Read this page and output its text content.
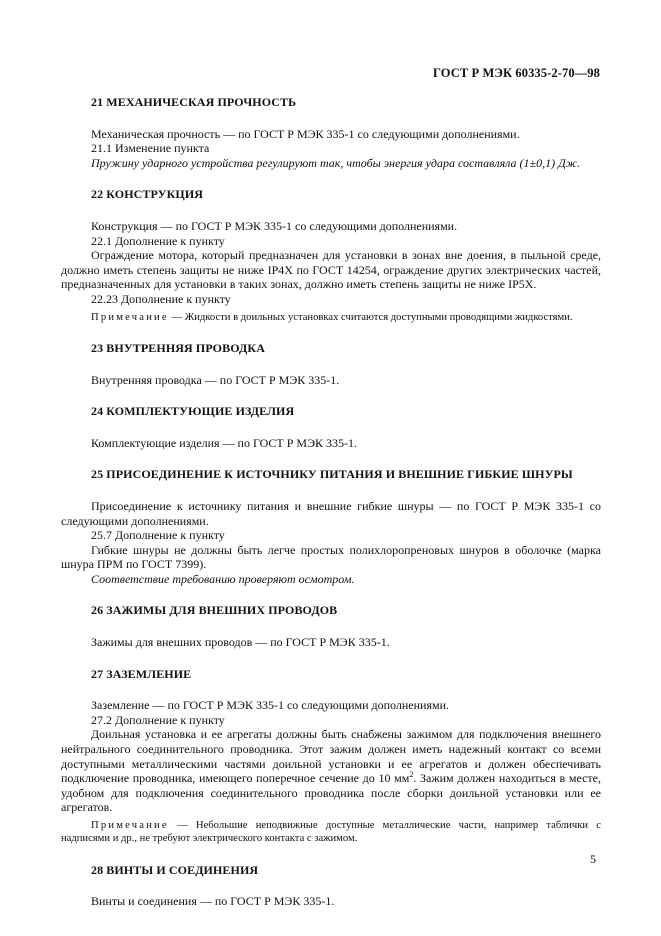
ГОСТ Р МЭК 60335-2-70—98
21 МЕХАНИЧЕСКАЯ ПРОЧНОСТЬ

Механическая прочность — по ГОСТ Р МЭК 335-1 со следующими дополнениями.

21.1 Изменение пункта

Пружину ударного устройства регулируют так, чтобы энергия удара составляла (1±0,1) Дж.

22 КОНСТРУКЦИЯ

Конструкция — по ГОСТ Р МЭК 335-1 со следующими дополнениями.

22.1 Дополнение к пункту

Ограждение мотора, который предназначен для установки в зонах вне доения, в пыльной среде, должно иметь степень защиты не ниже IP4X по ГОСТ 14254, ограждение других электрических частей, предназначенных для установки в таких зонах, должно иметь степень защиты не ниже IP5X.

22.23 Дополнение к пункту

Примечание — Жидкости в доильных установках считаются доступными проводящими жидкостями.

23 ВНУТРЕННЯЯ ПРОВОДКА

Внутренняя проводка — по ГОСТ Р МЭК 335-1.

24 КОМПЛЕКТУЮЩИЕ ИЗДЕЛИЯ

Комплектующие изделия — по ГОСТ Р МЭК 335-1.

25 ПРИСОЕДИНЕНИЕ К ИСТОЧНИКУ ПИТАНИЯ И ВНЕШНИЕ ГИБКИЕ ШНУРЫ

Присоединение к источнику питания и внешние гибкие шнуры — по ГОСТ Р МЭК 335-1 со следующими дополнениями.

25.7 Дополнение к пункту

Гибкие шнуры не должны быть легче простых полихлоропреновых шнуров в оболочке (марка шнура ПРМ по ГОСТ 7399).

Соответствие требованию проверяют осмотром.

26 ЗАЖИМЫ ДЛЯ ВНЕШНИХ ПРОВОДОВ

Зажимы для внешних проводов — по ГОСТ Р МЭК 335-1.

27 ЗАЗЕМЛЕНИЕ

Заземление — по ГОСТ Р МЭК 335-1 со следующими дополнениями.

27.2 Дополнение к пункту

Доильная установка и ее агрегаты должны быть снабжены зажимом для подключения внешнего нейтрального соединительного проводника. Этот зажим должен иметь надежный контакт со всеми доступными металлическими частями доильной установки и ее агрегатов и должен обеспечивать подключение проводника, имеющего поперечное сечение до 10 $мм^2$. Зажим должен находиться в месте, удобном для подключения соединительного проводника после сборки доильной установки или ее агрегатов.

Примечание — Небольшие неподвижные доступные металлические части, например таблички с надписями и др., не требуют электрического контакта с зажимом.

28 ВИНТЫ И СОЕДИНЕНИЯ

Винты и соединения — по ГОСТ Р МЭК 335-1.

5
